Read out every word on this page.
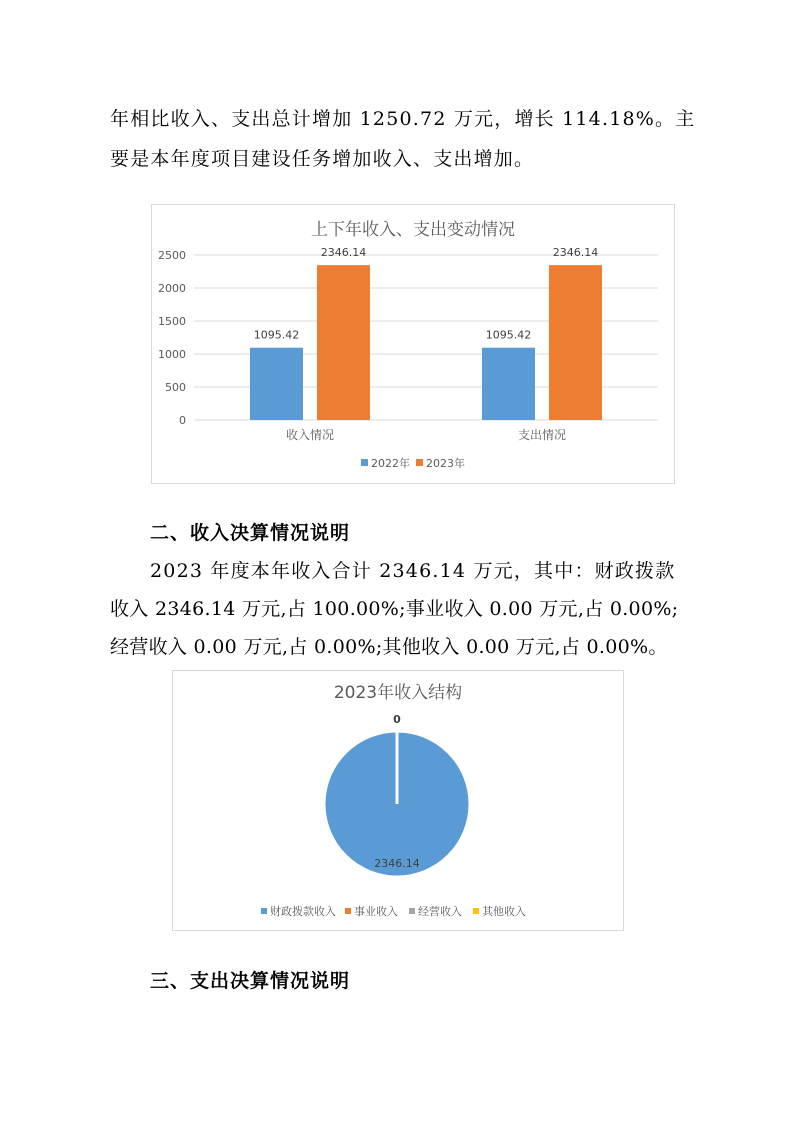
年相比收入、支出总计增加 1250.72 万元，增长 114.18%。主

要是本年度项目建设任务增加收入、支出增加。

上下年收入、支出变动情况
0
500
1000
1500
2000
2500
1095.42
2346.14
1095.42
2346.14
收入情况	支出情况
2022年 2023年

二、收入决算情况说明

2023 年度本年收入合计 2346.14 万元，其中：财政拨款

收入 2346.14 万元,占 100.00%;事业收入 0.00 万元,占 0.00%;

经营收入 0.00 万元,占 0.00%;其他收入 0.00 万元,占 0.00%。

2023年收入结构
0
2346.14
财政拨款收入 事业收入 经营收入 其他收入

三、支出决算情况说明
